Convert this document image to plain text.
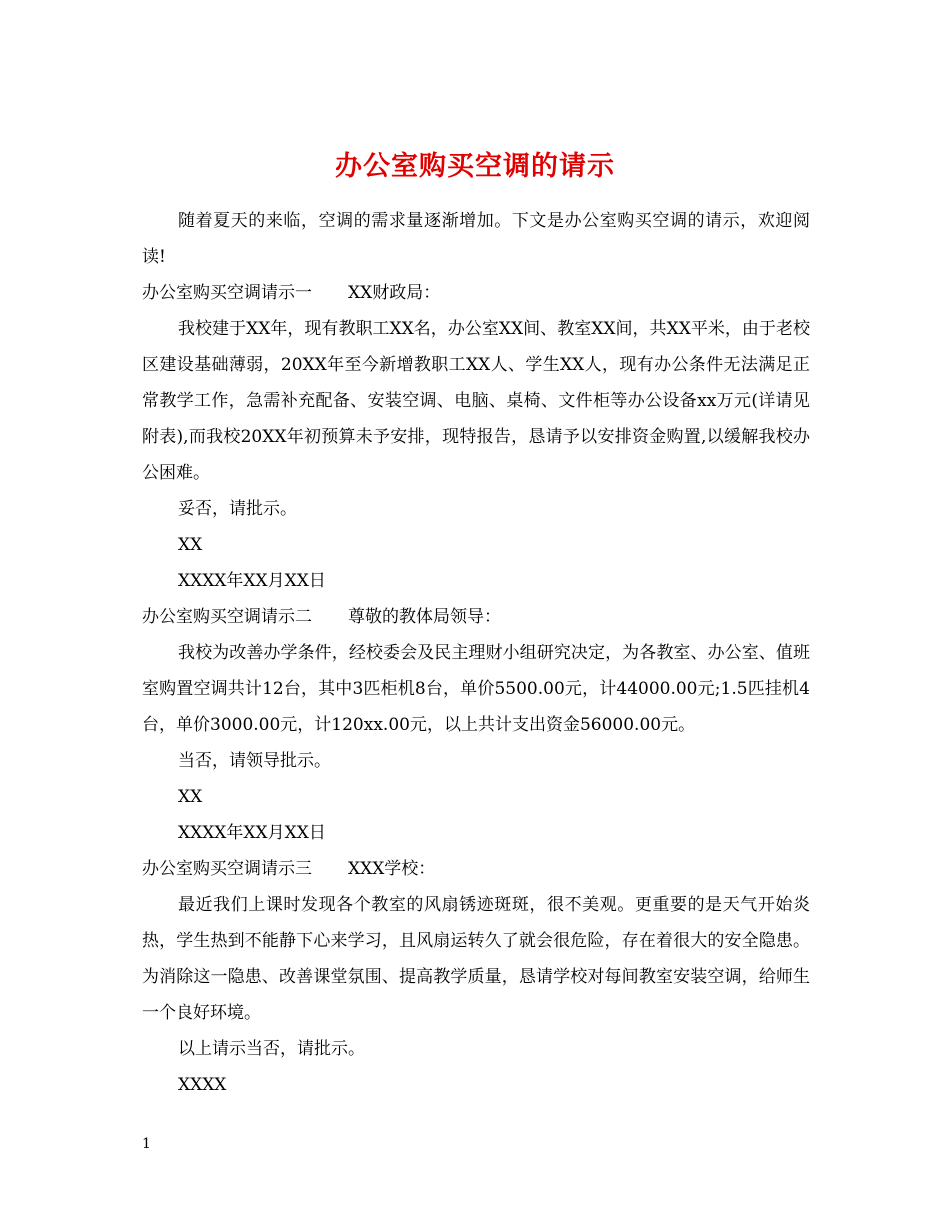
办公室购买空调的请示

随着夏天的来临，空调的需求量逐渐增加。下文是办公室购买空调的请示，欢迎阅读!

办公室购买空调请示一 XX财政局：

我校建于XX年，现有教职工XX名，办公室XX间、教室XX间，共XX平米，由于老校区建设基础薄弱，20XX年至今新增教职工XX人、学生XX人，现有办公条件无法满足正常教学工作，急需补充配备、安装空调、电脑、桌椅、文件柜等办公设备xx万元(详请见附表),而我校20XX年初预算未予安排，现特报告，恳请予以安排资金购置,以缓解我校办公困难。

妥否，请批示。

XX

XXXX年XX月XX日

办公室购买空调请示二 尊敬的教体局领导：

我校为改善办学条件，经校委会及民主理财小组研究决定，为各教室、办公室、值班室购置空调共计12台，其中3匹柜机8台，单价5500.00元，计44000.00元;1.5匹挂机4台，单价3000.00元，计120xx.00元，以上共计支出资金56000.00元。

当否，请领导批示。

XX

XXXX年XX月XX日

办公室购买空调请示三 XXX学校：

最近我们上课时发现各个教室的风扇锈迹斑斑，很不美观。更重要的是天气开始炎热，学生热到不能静下心来学习，且风扇运转久了就会很危险，存在着很大的安全隐患。为消除这一隐患、改善课堂氛围、提高教学质量，恳请学校对每间教室安装空调，给师生一个良好环境。

以上请示当否，请批示。

XXXX

1
